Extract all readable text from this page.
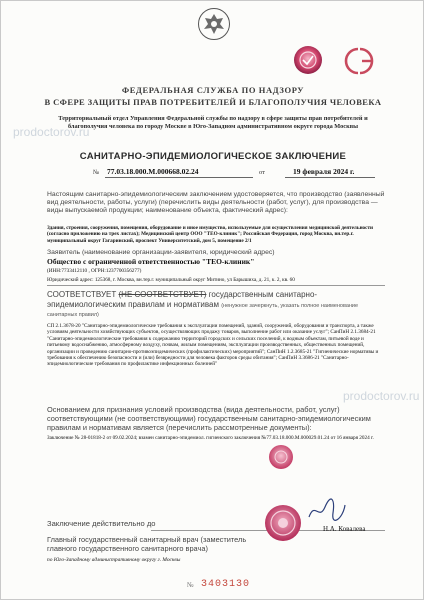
prodoctorov.ru
prodoctorov.ru
ФЕДЕРАЛЬНАЯ СЛУЖБА ПО НАДЗОРУ
В СФЕРЕ ЗАЩИТЫ ПРАВ ПОТРЕБИТЕЛЕЙ И БЛАГОПОЛУЧИЯ ЧЕЛОВЕКА
Территориальный отдел Управления Федеральной службы по надзору в сфере защиты прав потребителей и благополучия человека по городу Москве в Юго-Западном административном округе города Москвы
САНИТАРНО-ЭПИДЕМИОЛОГИЧЕСКОЕ ЗАКЛЮЧЕНИЕ
№ 77.03.18.000.М.000668.02.24	от	19 февраля 2024 г.
Настоящим санитарно-эпидемиологическим заключением удостоверяется, что производство (заявленный вид деятельности, работы, услуги) (перечислить виды деятельности (работ, услуг), для производства — виды выпускаемой продукции; наименование объекта, фактический адрес):
Здания, строения, сооружения, помещения, оборудование и иное имущество, используемые для осуществления медицинской деятельности (согласно приложению на трех листах); Медицинский центр ООО "ТЕО-клиник"; Российская Федерация, город Москва, вн.тер.г. муниципальный округ Гагаринский, проспект Университетский, дом 5, помещение 2/1
Заявитель (наименование организации-заявителя, юридический адрес)
Общество с ограниченной ответственностью "ТЕО-клиник"
(ИНН:7733412110 , ОГРН:1237700356277)
Юридический адрес: 125368, г. Москва, вн.тер.г. муниципальный округ Митино, ул Барышиха, д. 21, к. 2, кв. 60
СООТВЕТСТВУЕТ (НЕ СООТВЕТСТВУЕТ) государственным санитарно-эпидемиологическим правилам и нормативам (ненужное зачеркнуть, указать полное наименование санитарных правил)
СП 2.1.3678-20 "Санитарно-эпидемиологические требования к эксплуатации помещений, зданий, сооружений, оборудования и транспорта, а также условиям деятельности хозяйствующих субъектов, осуществляющих продажу товаров, выполнение работ или оказание услуг"; СанПиН 2.1.3684-21 "Санитарно-эпидемиологические требования к содержанию территорий городских и сельских поселений, к водным объектам, питьевой воде и питьевому водоснабжению, атмосферному воздуху, почвам, жилым помещениям, эксплуатации производственных, общественных помещений, организации и проведению санитарно-противоэпидемических (профилактических) мероприятий"; СанПиН 1.2.3685-21 "Гигиенические нормативы и требования к обеспечению безопасности и (или) безвредности для человека факторов среды обитания"; СанПиН 3.3686-21 "Санитарно-эпидемиологические требования по профилактике инфекционных болезней"
Основанием для признания условий производства (вида деятельности, работ, услуг) соответствующими (не соответствующими) государственным санитарно-эпидемиологическим правилам и нормативам является (перечислить рассмотренные документы):
Заключение № 28-01818-2 от 09.02.2024; взамен санитарно-эпидемиол. гигиенского заключения №77.03.18.000.М.000029.01.24 от 16 января 2024 г.
Заключение действительно до
Главный государственный санитарный врач (заместитель главного государственного санитарного врача)
по Юго-Западному административному округу г. Москвы
Н.А. Ковалева
№ 3403130
